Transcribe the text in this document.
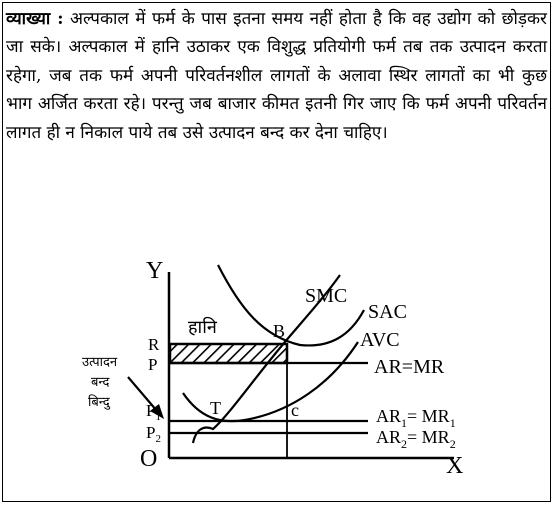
व्याख्या : अल्पकाल में फर्म के पास इतना समय नहीं होता है कि वह उद्योग को छोड़कर जा सके। अल्पकाल में हानि उठाकर एक विशुद्ध प्रतियोगी फर्म तब तक उत्पादन करता रहेगा, जब तक फर्म अपनी परिवर्तनशील लागतों के अलावा स्थिर लागतों का भी कुछ भाग अर्जित करता रहे। परन्तु जब बाजार कीमत इतनी गिर जाए कि फर्म अपनी परिवर्तन लागत ही न निकाल पाये तब उसे उत्पादन बन्द कर देना चाहिए।
Y
X
O
SMC
SAC
AVC
AR=MR
$AR_1= MR_1$
$AR_2= MR_2$
हानि	B
T	c
R
P
$P_1$
$P_2$
उत्पादन
बन्द
बिन्दु
